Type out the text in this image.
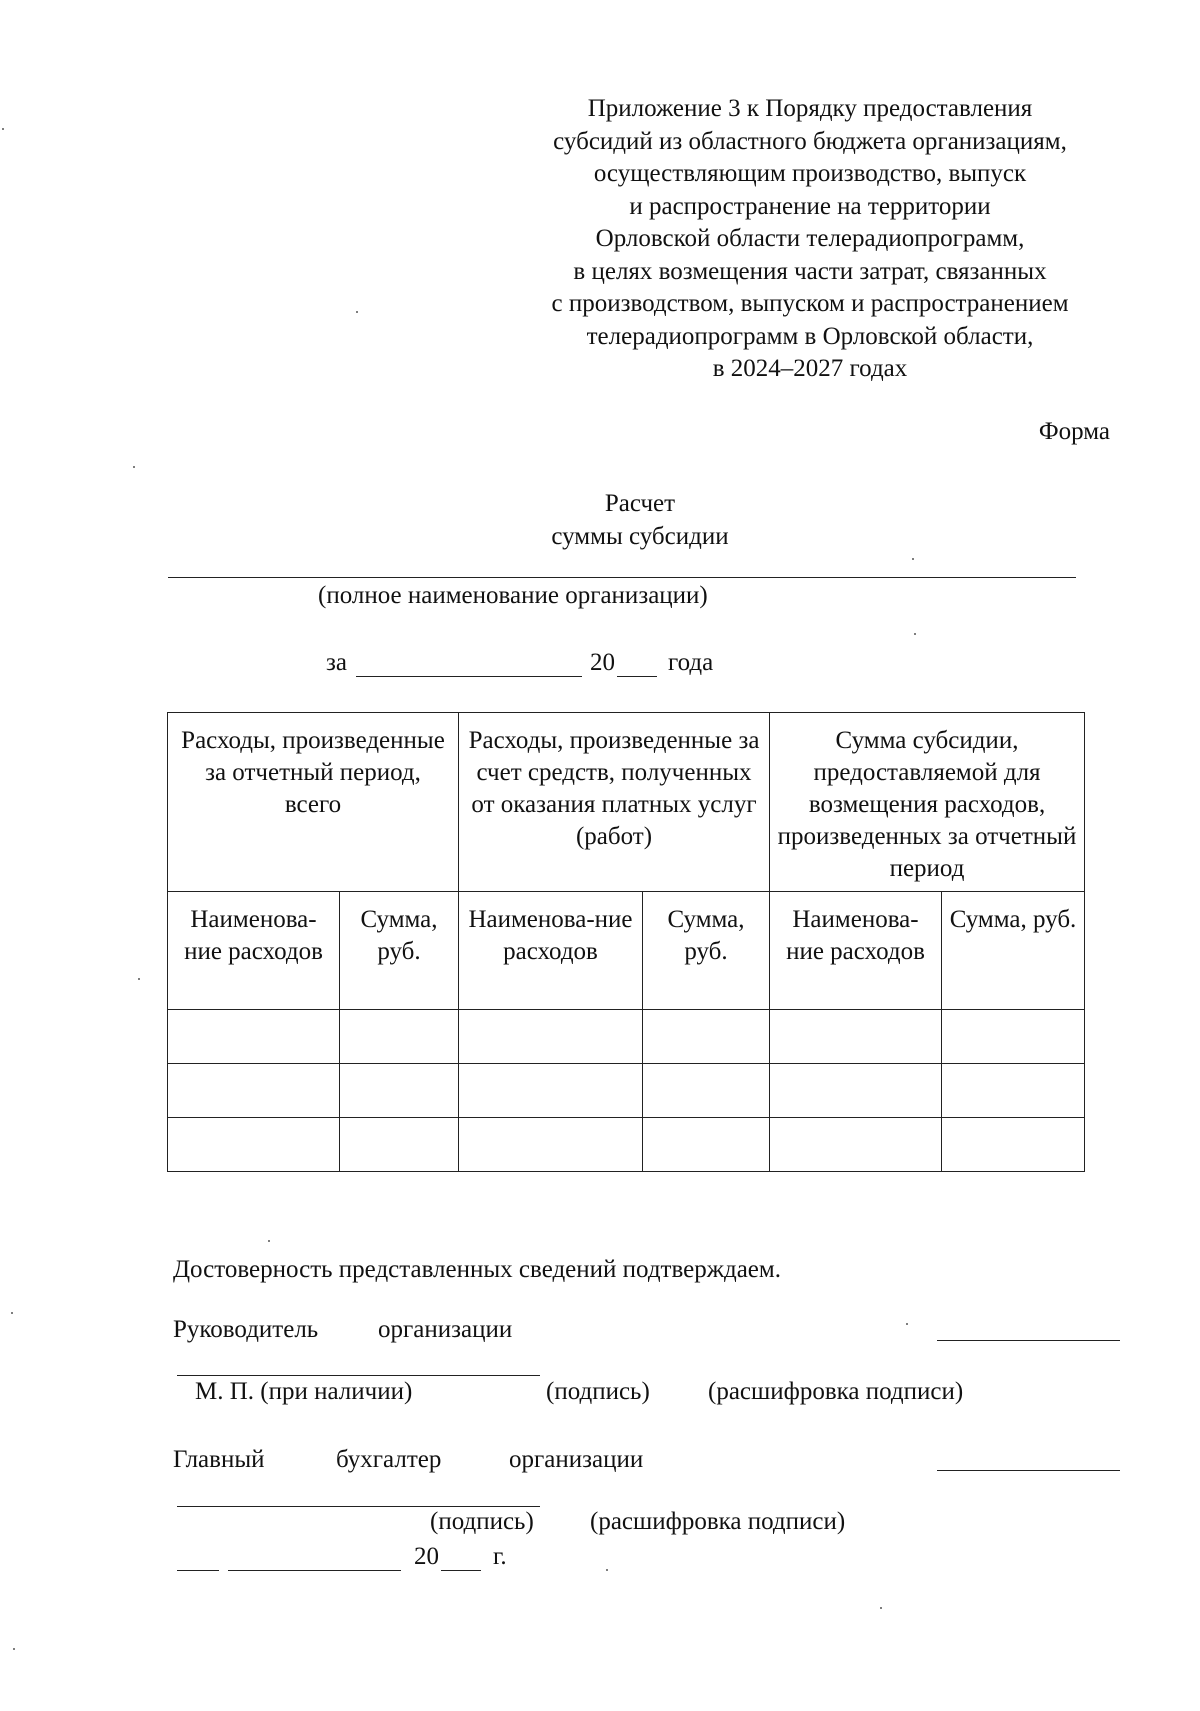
Приложение 3 к Порядку предоставления
субсидий из областного бюджета организациям,
осуществляющим производство, выпуск
и распространение на территории
Орловской области телерадиопрограмм,
в целях возмещения части затрат, связанных
с производством, выпуском и распространением
телерадиопрограмм в Орловской области,
в 2024–2027 годах
Форма
Расчет
суммы субсидии
(полное наименование организации)
за	20 года
Расходы, произведенные за отчетный период, всего		Расходы, произведенные за счет средств, полученных от оказания платных услуг (работ)		Сумма субсидии, предоставляемой для возмещения расходов, произведенных за отчетный период	
Наименова-ние расходов	Сумма, руб.	Наименова-ние расходов	Сумма, руб.	Наименова-ние расходов	Сумма, руб.

Достоверность представленных сведений подтверждаем.
Руководитель организации
М. П. (при наличии)	(подпись) (расшифровка подписи)
Главный	бухгалтер	организации
(подпись) (расшифровка подписи)
20 г.
